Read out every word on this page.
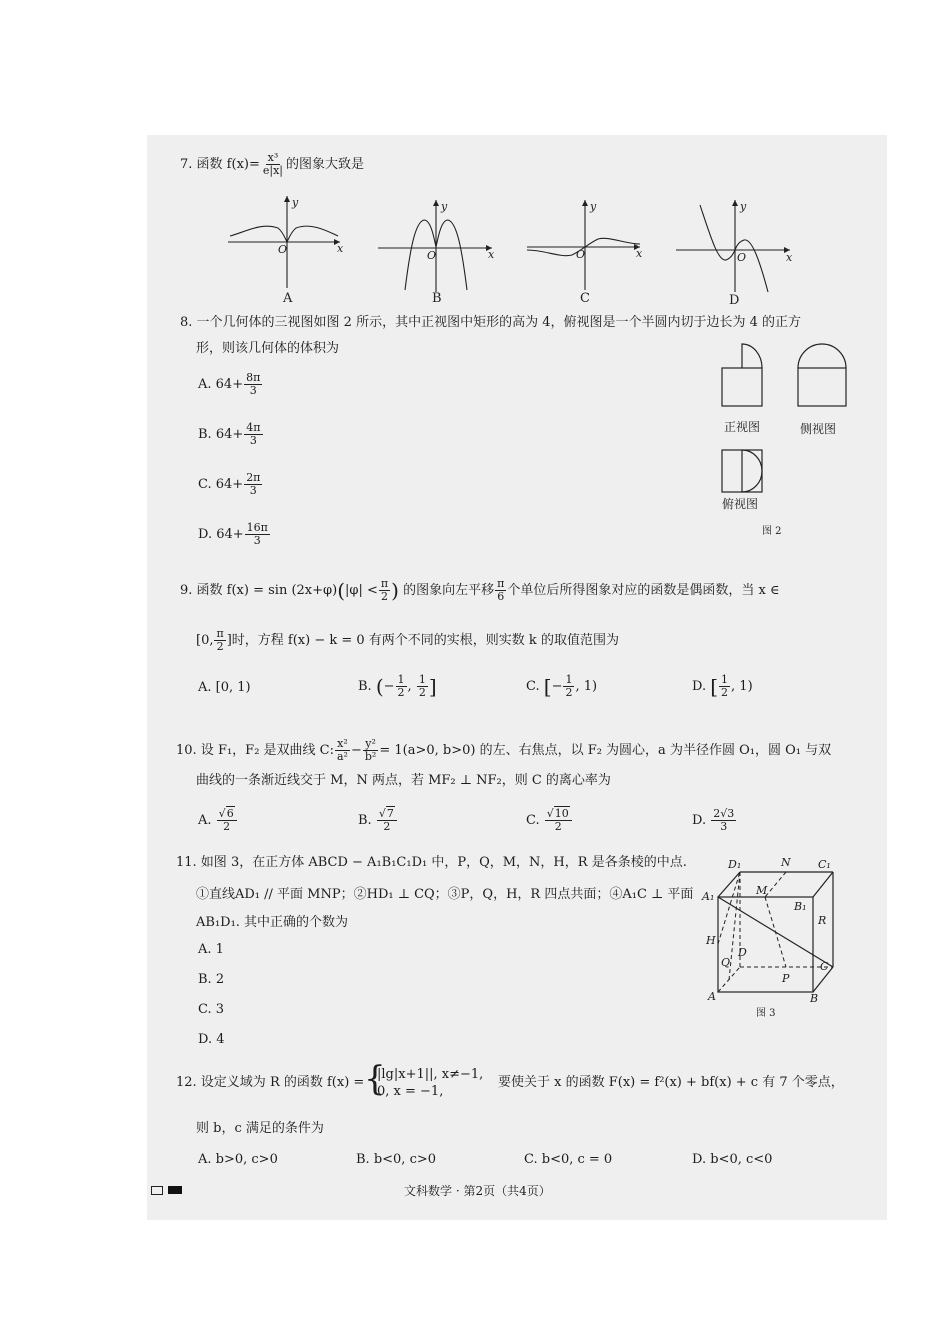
7. 函数 $f(x)= \frac{\text{x³}}{e|x|}$ 的图象大致是
y
x
O
y
x
O
y
x
O
y
x
O
A	B	C	D
8. 一个几何体的三视图如图 2 所示，其中正视图中矩形的高为 4，俯视图是一个半圆内切于边长为 4 的正方
形，则该几何体的体积为
A. $64+ \frac{8\pi}{3}$
B. $64+ \frac{4\pi}{3}$
C. $64+ \frac{2\pi}{3}$
D. $64+ \frac{16\pi}{3}$
正视图	侧视图
俯视图
图 2
9. 函数 $f(x) = \sin (2x+\varphi)(|\varphi| < \frac{\pi}{2}$ ) 的图象向左平移 $\frac{\pi}{6}$ 个单位后所得图象对应的函数是偶函数，当 x ∈
[0, $\frac{\pi}{2}$ ]时，方程 f(x) − k = 0 有两个不同的实根，则实数 k 的取值范围为
A. [0, 1)	B. (− $\frac{1}{2}$ , $\frac{1}{2}$ ]	C. [− $\frac{1}{2}$ , 1)	D. [ $\frac{1}{2}$ , 1)
10. 设 F₁，F₂ 是双曲线 C: $\frac{\text{x²}}{\text{a²}} - \frac{\text{y²}}{\text{b²}} = 1(a>0$, b>0) 的左、右焦点，以 F₂ 为圆心，a 为半径作圆 O₁，圆 O₁ 与双
曲线的一条渐近线交于 M，N 两点，若 MF₂ ⊥ NF₂，则 C 的离心率为
A. $\frac{√6}{2}$	B. $\frac{√7}{2}$	C. $\frac{√10}{2}$	D. $\frac{2√3}{3}$
11. 如图 3，在正方体 ABCD − A₁B₁C₁D₁ 中，P，Q，M，N，H，R 是各条棱的中点.
①直线AD₁ // 平面 MNP；②HD₁ ⊥ CQ；③P，Q，H，R 四点共面；④A₁C ⊥ 平面
AB₁D₁. 其中正确的个数为
A. 1
B. 2
C. 3
D. 4
D₁	N C₁
M
A₁
B₁
R
H
D
Q
P
C
A	B
图 3
12. 设定义域为 R 的函数 f(x) = {
|lg|x+1||, x≠−1,
0, x = −1,
要使关于 x 的函数 F(x) = f²(x) + bf(x) + c 有 7 个零点，
则 b，c 满足的条件为
A. b>0, c>0	B. b<0, c>0	C. b<0, c = 0	D. b<0, c<0
文科数学 · 第2页（共4页）
